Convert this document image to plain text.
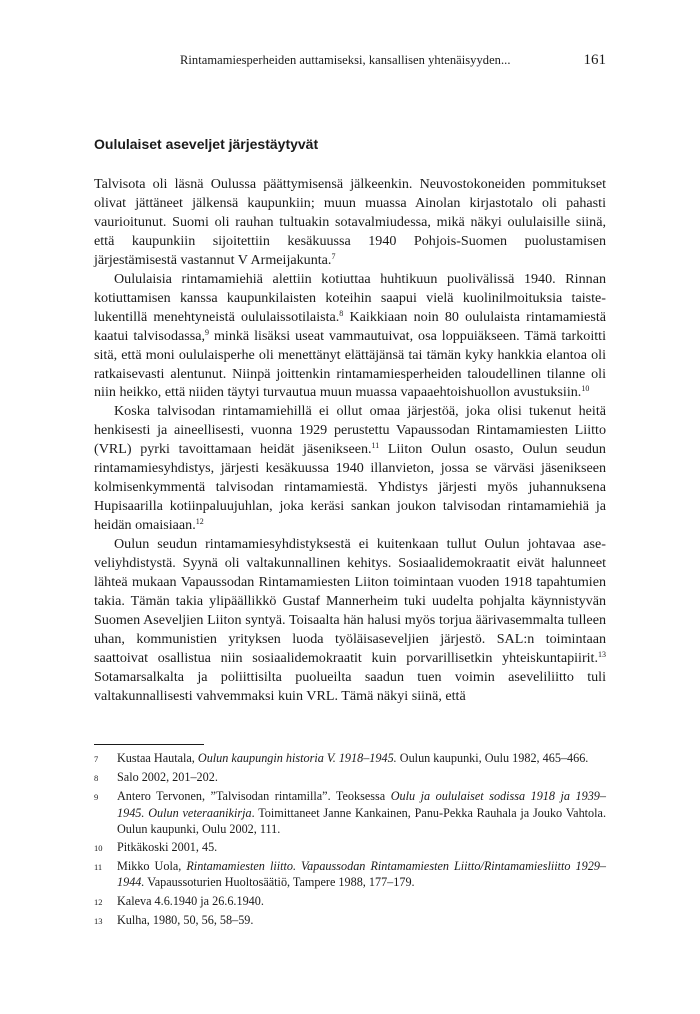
Rintamamiesperheiden auttamiseksi, kansallisen yhtenäisyyden...	161
Oululaiset aseveljet järjestäytyvät

Talvisota oli läsnä Oulussa päättymisensä jälkeenkin. Neuvostokoneiden pommitukset olivat jättäneet jälkensä kaupunkiin; muun muassa Ainolan kirjastotalo oli pahasti vaurioitunut. Suomi oli rauhan tultuakin sotavalmiudessa, mikä näkyi oululaisille siinä, että kaupunkiin sijoitettiin kesäkuussa 1940 Pohjois-Suomen puolustamisen järjestämisestä vastannut V Armeijakunta.$^7$

Oululaisia rintamamiehiä alettiin kotiuttaa huhtikuun puolivälissä 1940. Rinnan kotiuttamisen kanssa kaupunkilaisten koteihin saapui vielä kuolinilmoituksia taistelukentillä menehtyneistä oululaissotilaista.$^8$ Kaikkiaan noin 80 oululaista rintamamiestä kaatui talvisodassa,$^9$ minkä lisäksi useat vammautuivat, osa loppuiäkseen. Tämä tarkoitti sitä, että moni oululaisperhe oli menettänyt elättäjänsä tai tämän kyky hankkia elantoa oli ratkaisevasti alentunut. Niinpä joittenkin rintamamiesperheiden taloudellinen tilanne oli niin heikko, että niiden täytyi turvautua muun muassa vapaaehtoishuollon avustuksiin.$^{10}$

Koska talvisodan rintamamiehillä ei ollut omaa järjestöä, joka olisi tukenut heitä henkisesti ja aineellisesti, vuonna 1929 perustettu Vapaussodan Rintamamiesten Liitto (VRL) pyrki tavoittamaan heidät jäsenikseen.$^{11}$ Liiton Oulun osasto, Oulun seudun rintamamiesyhdistys, järjesti kesäkuussa 1940 illanvieton, jossa se värväsi jäsenikseen kolmisenkymmentä talvisodan rintamamiestä. Yhdistys järjesti myös juhannuksena Hupisaarilla kotiinpaluujuhlan, joka keräsi sankan joukon talvisodan rintamamiehiä ja heidän omaisiaan.$^{12}$

Oulun seudun rintamamiesyhdistyksestä ei kuitenkaan tullut Oulun johtavaa aseveliyhdistystä. Syynä oli valtakunnallinen kehitys. Sosiaalidemokraatit eivät halunneet lähteä mukaan Vapaussodan Rintamamiesten Liiton toimintaan vuoden 1918 tapahtumien takia. Tämän takia ylipäällikkö Gustaf Mannerheim tuki uudelta pohjalta käynnistyvän Suomen Aseveljien Liiton syntyä. Toisaalta hän halusi myös torjua äärivasemmalta tulleen uhan, kommunistien yrityksen luoda työläisaseveljien järjestö. SAL:n toimintaan saattoivat osallistua niin sosiaalidemokraatit kuin porvarillisetkin yhteiskuntapiirit.$^{13}$ Sotamarsalkalta ja poliittisilta puolueilta saadun tuen voimin aseveliliitto tuli valtakunnallisesti vahvemmaksi kuin VRL. Tämä näkyi siinä, että

7	Kustaa Hautala, Oulun kaupungin historia V. 1918–1945. Oulun kaupunki, Oulu 1982, 465–466.
8	Salo 2002, 201–202.
9	Antero Tervonen, ”Talvisodan rintamilla”. Teoksessa Oulu ja oululaiset sodissa 1918 ja 1939–1945. Oulun veteraanikirja. Toimittaneet Janne Kankainen, Panu-Pekka Rauhala ja Jouko Vahtola. Oulun kaupunki, Oulu 2002, 111.
10	Pitkäkoski 2001, 45.
11	Mikko Uola, Rintamamiesten liitto. Vapaussodan Rintamamiesten Liitto/Rintamamiesliitto 1929–1944. Vapaussoturien Huoltosäätiö, Tampere 1988, 177–179.
12	Kaleva 4.6.1940 ja 26.6.1940.
13	Kulha, 1980, 50, 56, 58–59.
